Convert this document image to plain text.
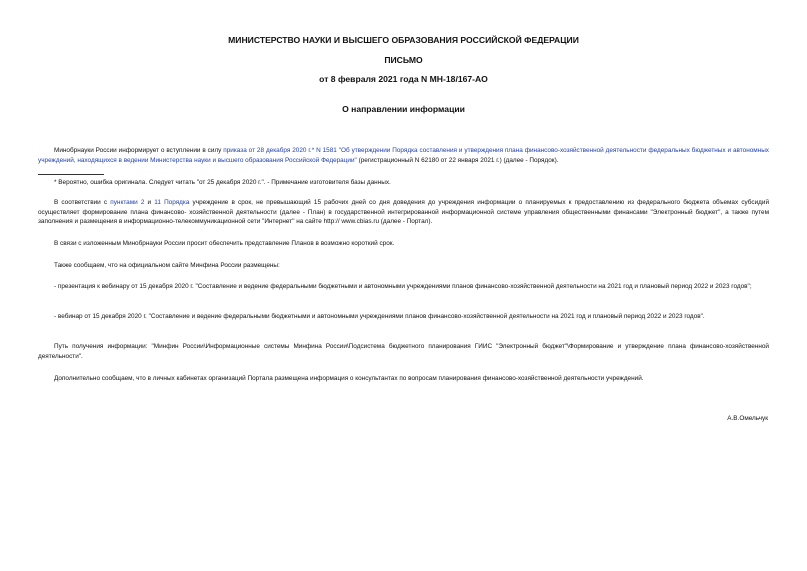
МИНИСТЕРСТВО НАУКИ И ВЫСШЕГО ОБРАЗОВАНИЯ РОССИЙСКОЙ ФЕДЕРАЦИИ
ПИСЬМО
от 8 февраля 2021 года N МН-18/167-АО
О направлении информации

Минобрнауки России информирует о вступлении в силу приказа от 28 декабря 2020 г.* N 1581 "Об утверждении Порядка составления и утверждения плана финансово-хозяйственной деятельности федеральных бюджетных и автономных учреждений, находящихся в ведении Министерства науки и высшего образования Российской Федерации" (регистрационный N 62180 от 22 января 2021 г.) (далее - Порядок).

* Вероятно, ошибка оригинала. Следует читать "от 25 декабря 2020 г.". - Примечание изготовителя базы данных.

В соответствии с пунктами 2 и 11 Порядка учреждение в срок, не превышающий 15 рабочих дней со дня доведения до учреждения информации о планируемых к предоставлению из федерального бюджета объемах субсидий осуществляет формирование плана финансово- хозяйственной деятельности (далее - План) в государственной интегрированной информационной системе управления общественными финансами "Электронный бюджет", а также путем заполнения и размещения в информационно-телекоммуникационной сети "Интернет" на сайте http:// www.cbias.ru (далее - Портал).

В связи с изложенным Минобрнауки России просит обеспечить представление Планов в возможно короткий срок.

Также сообщаем, что на официальном сайте Минфина России размещены:

- презентация к вебинару от 15 декабря 2020 г. "Составление и ведение федеральными бюджетными и автономными учреждениями планов финансово-хозяйственной деятельности на 2021 год и плановый период 2022 и 2023 годов";

- вебинар от 15 декабря 2020 г. "Составление и ведение федеральными бюджетными и автономными учреждениями планов финансово-хозяйственной деятельности на 2021 год и плановый период 2022 и 2023 годов".

Путь получения информации: "Минфин России\Информационные системы Минфина России\Подсистема бюджетного планирования ГИИС "Электронный бюджет"\Формирование и утверждение плана финансово-хозяйственной деятельности".

Дополнительно сообщаем, что в личных кабинетах организаций Портала размещена информация о консультантах по вопросам планирования финансово-хозяйственной деятельности учреждений.

А.В.Омельчук
